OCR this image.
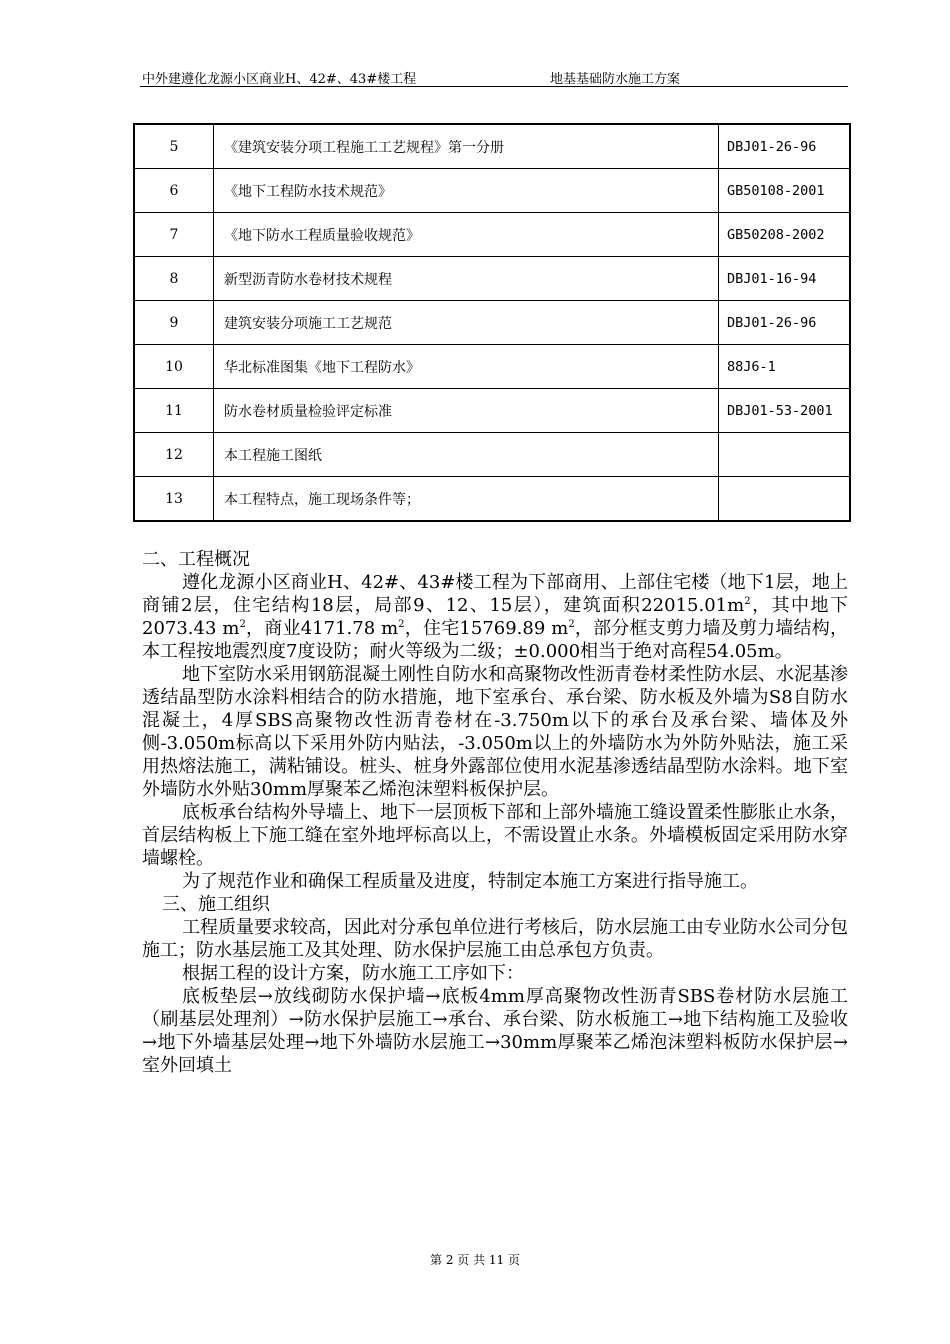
中外建遵化龙源小区商业H、42#、43#楼工程	地基基础防水施工方案
5	《建筑安装分项工程施工工艺规程》第一分册	DBJ01-26-96
6	《地下工程防水技术规范》	GB50108-2001
7	《地下防水工程质量验收规范》	GB50208-2002
8	新型沥青防水卷材技术规程	DBJ01-16-94
9	建筑安装分项施工工艺规范	DBJ01-26-96
10	华北标准图集《地下工程防水》	88J6-1
11	防水卷材质量检验评定标准	DBJ01-53-2001
12	本工程施工图纸	
13	本工程特点，施工现场条件等；	

二、工程概况

遵化龙源小区商业H、42#、43#楼工程为下部商用、上部住宅楼（地下1层，地上商铺2层，住宅结构18层，局部9、12、15层），建筑面积$22015.01m^2$，其中地下2073.43 $m^2$，商业4171.78 $m^2$，住宅15769.89 $m^2$，部分框支剪力墙及剪力墙结构，本工程按地震烈度7度设防；耐火等级为二级；±0.000相当于绝对高程54.05m。

地下室防水采用钢筋混凝土刚性自防水和高聚物改性沥青卷材柔性防水层、水泥基渗透结晶型防水涂料相结合的防水措施，地下室承台、承台梁、防水板及外墙为S8自防水混凝土，4厚SBS高聚物改性沥青卷材在-3.750m以下的承台及承台梁、墙体及外侧-3.050m标高以下采用外防内贴法，-3.050m以上的外墙防水为外防外贴法，施工采用热熔法施工，满粘铺设。桩头、桩身外露部位使用水泥基渗透结晶型防水涂料。地下室外墙防水外贴30mm厚聚苯乙烯泡沫塑料板保护层。

底板承台结构外导墙上、地下一层顶板下部和上部外墙施工缝设置柔性膨胀止水条，首层结构板上下施工缝在室外地坪标高以上，不需设置止水条。外墙模板固定采用防水穿墙螺栓。

为了规范作业和确保工程质量及进度，特制定本施工方案进行指导施工。

三、施工组织

工程质量要求较高，因此对分承包单位进行考核后，防水层施工由专业防水公司分包施工；防水基层施工及其处理、防水保护层施工由总承包方负责。

根据工程的设计方案，防水施工工序如下：

底板垫层→放线砌防水保护墙→底板4mm厚高聚物改性沥青SBS卷材防水层施工（刷基层处理剂）→防水保护层施工→承台、承台梁、防水板施工→地下结构施工及验收→地下外墙基层处理→地下外墙防水层施工→30mm厚聚苯乙烯泡沫塑料板防水保护层→室外回填土

第 2 页 共 11 页
